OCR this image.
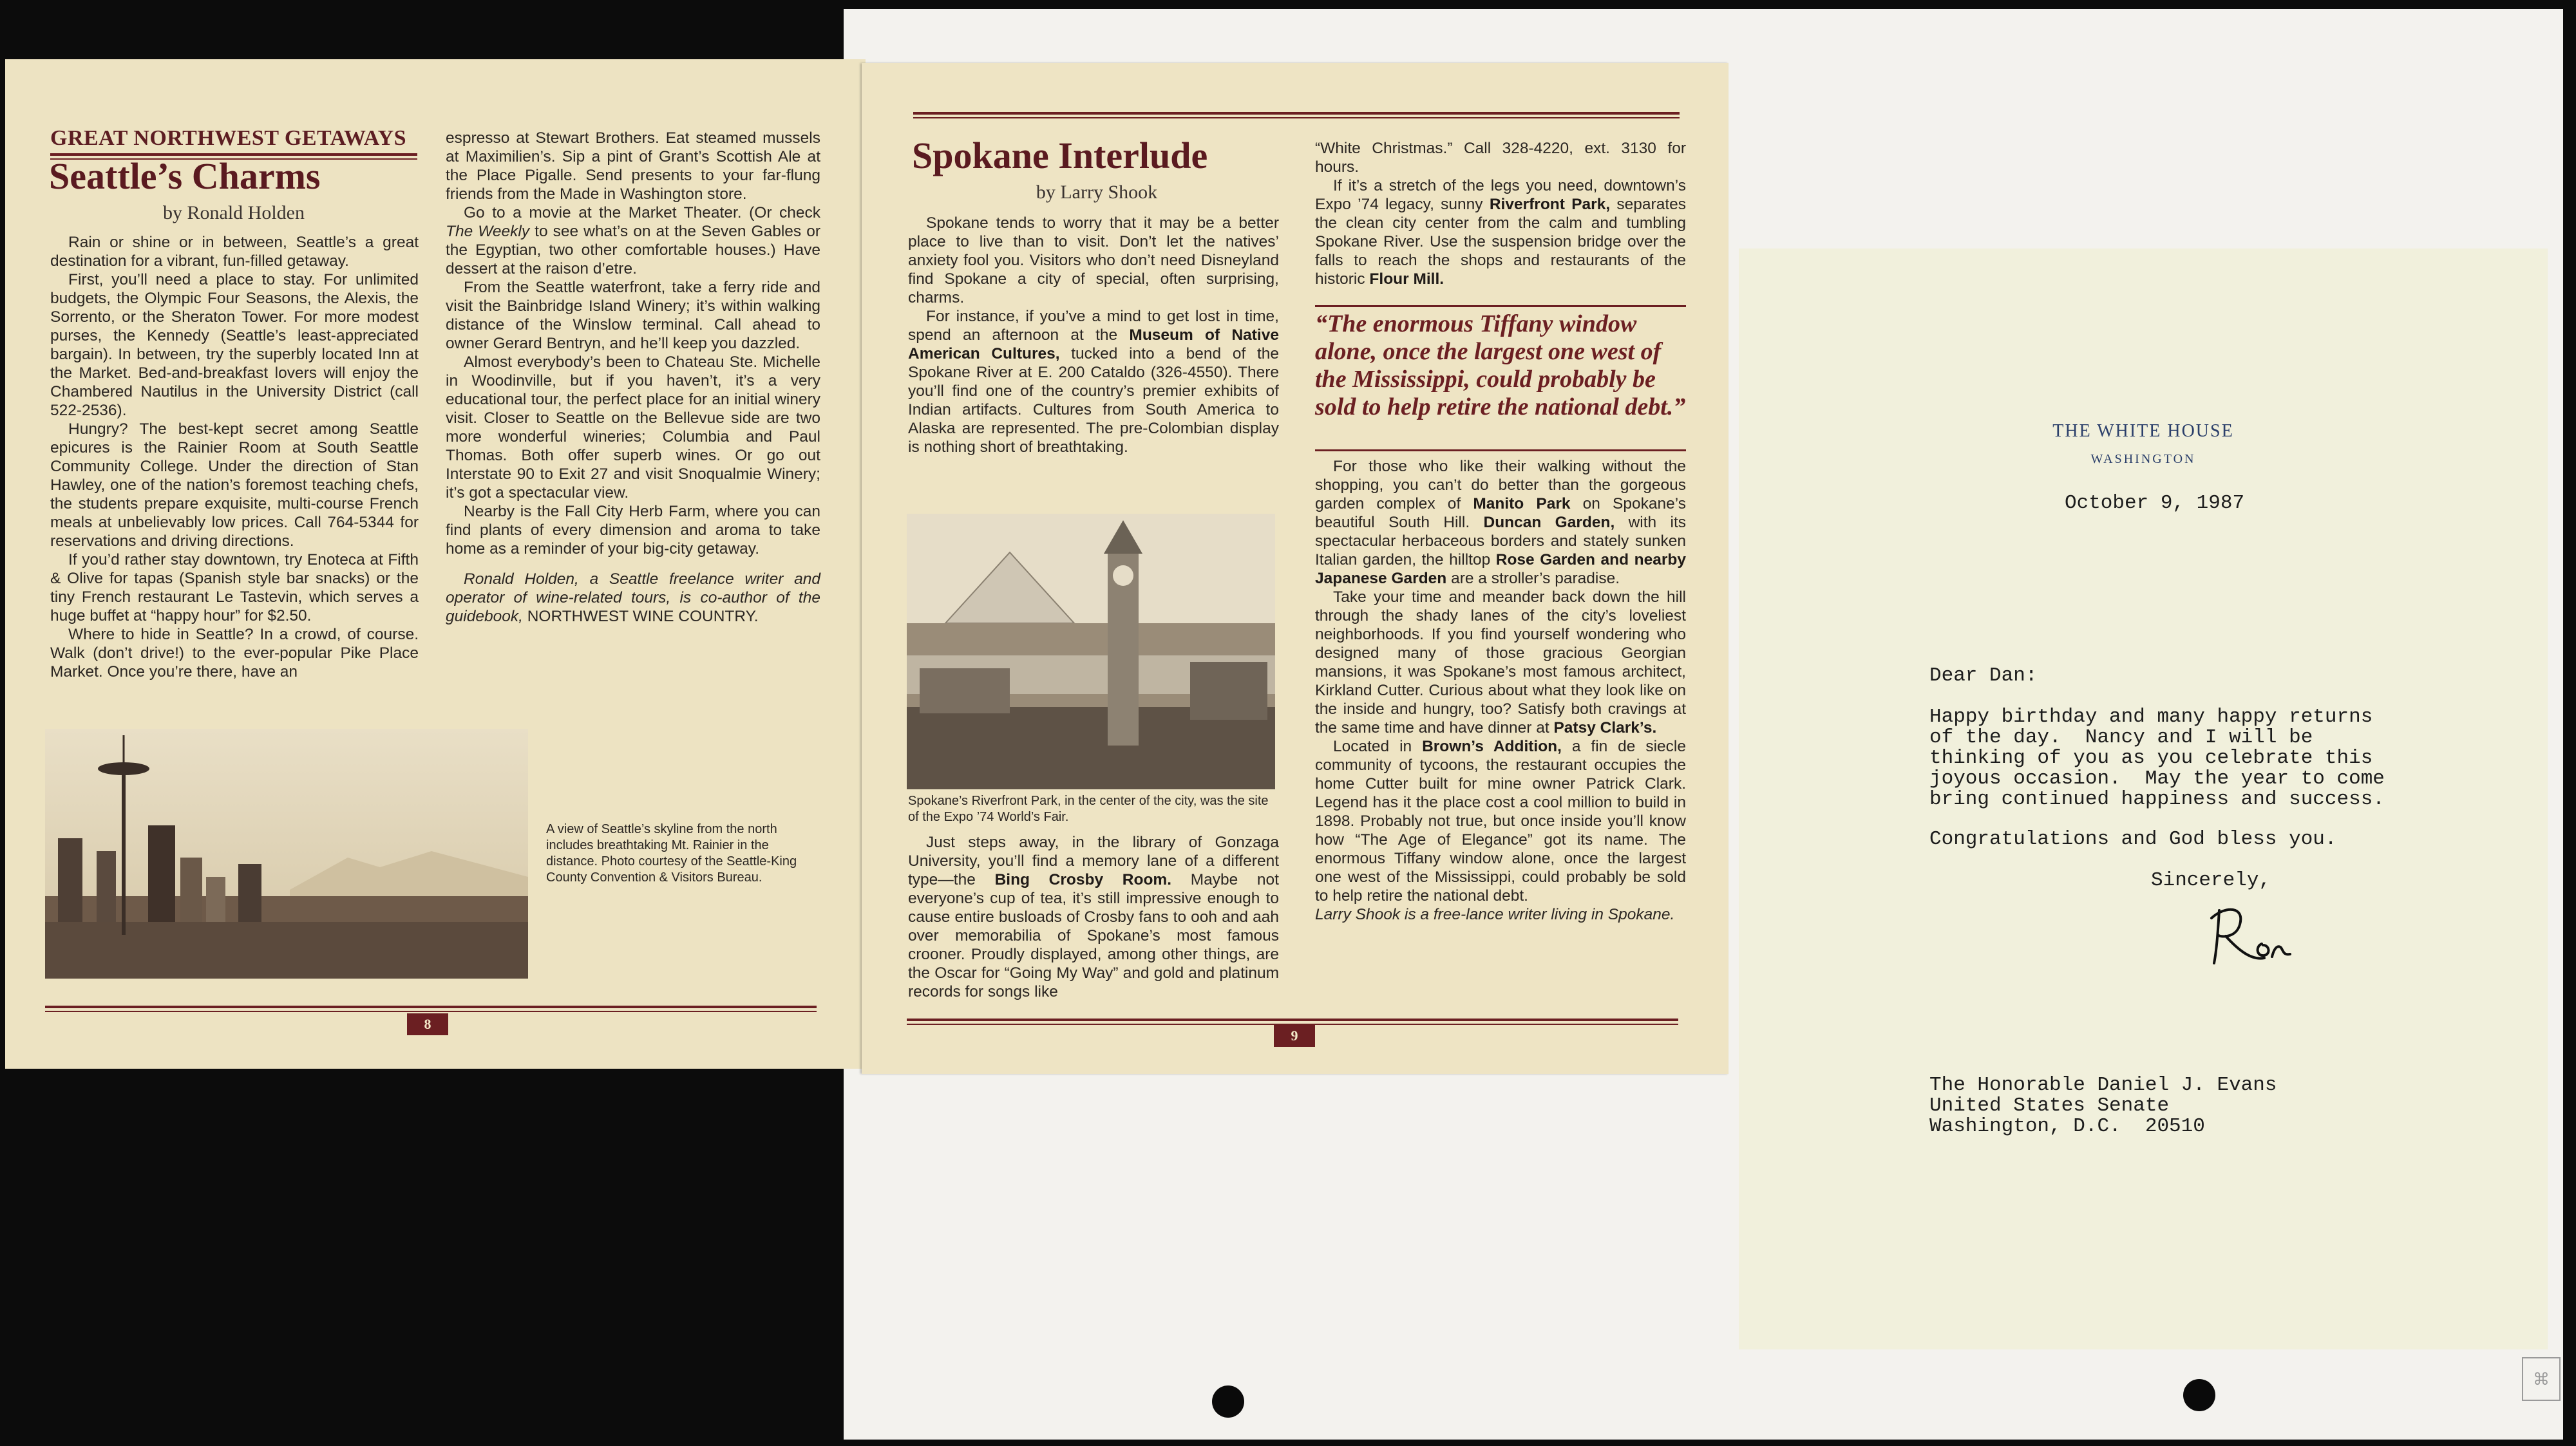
GREAT NORTHWEST GETAWAYS
Seattle’s Charms
by Ronald Holden

Rain or shine or in between, Seattle’s a great destination for a vibrant, fun-filled getaway.

First, you’ll need a place to stay. For unlimited budgets, the Olympic Four Seasons, the Alexis, the Sorrento, or the Sheraton Tower. For more modest purses, the Kennedy (Seattle’s least-appreciated bargain). In between, try the superbly located Inn at the Market. Bed-and-breakfast lovers will enjoy the Chambered Nautilus in the University District (call 522-2536).

Hungry? The best-kept secret among Seattle epicures is the Rainier Room at South Seattle Community College. Under the direction of Stan Hawley, one of the nation’s foremost teaching chefs, the students prepare exquisite, multi-course French meals at unbelievably low prices. Call 764-5344 for reservations and driving directions.

If you’d rather stay downtown, try Enoteca at Fifth & Olive for tapas (Spanish style bar snacks) or the tiny French restaurant Le Tastevin, which serves a huge buffet at “happy hour” for $2.50.

Where to hide in Seattle? In a crowd, of course. Walk (don’t drive!) to the ever-popular Pike Place Market. Once you’re there, have an

espresso at Stewart Brothers. Eat steamed mussels at Maximilien’s. Sip a pint of Grant’s Scottish Ale at the Place Pigalle. Send presents to your far-flung friends from the Made in Washington store.

Go to a movie at the Market Theater. (Or check The Weekly to see what’s on at the Seven Gables or the Egyptian, two other comfortable houses.) Have dessert at the raison d’etre.

From the Seattle waterfront, take a ferry ride and visit the Bainbridge Island Winery; it’s within walking distance of the Winslow terminal. Call ahead to owner Gerard Bentryn, and he’ll keep you dazzled.

Almost everybody’s been to Chateau Ste. Michelle in Woodinville, but if you haven’t, it’s a very educational tour, the perfect place for an initial winery visit. Closer to Seattle on the Bellevue side are two more wonderful wineries; Columbia and Paul Thomas. Both offer superb wines. Or go out Interstate 90 to Exit 27 and visit Snoqualmie Winery; it’s got a spectacular view.

Nearby is the Fall City Herb Farm, where you can find plants of every dimension and aroma to take home as a reminder of your big-city getaway.

Ronald Holden, a Seattle freelance writer and operator of wine-related tours, is co-author of the guidebook, NORTHWEST WINE COUNTRY.

A view of Seattle’s skyline from the north includes breathtaking Mt. Rainier in the distance. Photo courtesy of the Seattle-King County Convention & Visitors Bureau.
8
Spokane Interlude
by Larry Shook

Spokane tends to worry that it may be a better place to live than to visit. Don’t let the natives’ anxiety fool you. Visitors who don’t need Disneyland find Spokane a city of special, often surprising, charms.

For instance, if you’ve a mind to get lost in time, spend an afternoon at the Museum of Native American Cultures, tucked into a bend of the Spokane River at E. 200 Cataldo (326-4550). There you’ll find one of the country’s premier exhibits of Indian artifacts. Cultures from South America to Alaska are represented. The pre-Colombian display is nothing short of breathtaking.

Spokane’s Riverfront Park, in the center of the city, was the site of the Expo ’74 World’s Fair.

Just steps away, in the library of Gonzaga University, you’ll find a memory lane of a different type—the Bing Crosby Room. Maybe not everyone’s cup of tea, it’s still impressive enough to cause entire busloads of Crosby fans to ooh and aah over memorabilia of Spokane’s most famous crooner. Proudly displayed, among other things, are the Oscar for “Going My Way” and gold and platinum records for songs like

“White Christmas.” Call 328-4220, ext. 3130 for hours.

If it’s a stretch of the legs you need, downtown’s Expo ’74 legacy, sunny Riverfront Park, separates the clean city center from the calm and tumbling Spokane River. Use the suspension bridge over the falls to reach the shops and restaurants of the historic Flour Mill.

“The enormous Tiffany window alone, once the largest one west of the Mississippi, could probably be sold to help retire the national debt.”

For those who like their walking without the shopping, you can’t do better than the gorgeous garden complex of Manito Park on Spokane’s beautiful South Hill. Duncan Garden, with its spectacular herbaceous borders and stately sunken Italian garden, the hilltop Rose Garden and nearby Japanese Garden are a stroller’s paradise.

Take your time and meander back down the hill through the shady lanes of the city’s loveliest neighborhoods. If you find yourself wondering who designed many of those gracious Georgian mansions, it was Spokane’s most famous architect, Kirkland Cutter. Curious about what they look like on the inside and hungry, too? Satisfy both cravings at the same time and have dinner at Patsy Clark’s.

Located in Brown’s Addition, a fin de siecle community of tycoons, the restaurant occupies the home Cutter built for mine owner Patrick Clark. Legend has it the place cost a cool million to build in 1898. Probably not true, but once inside you’ll know how “The Age of Elegance” got its name. The enormous Tiffany window alone, once the largest one west of the Mississippi, could probably be sold to help retire the national debt.

Larry Shook is a free-lance writer living in Spokane.

9
THE WHITE HOUSE
WASHINGTON
October 9, 1987
Dear Dan:
Happy birthday and many happy returns
of the day.  Nancy and I will be
thinking of you as you celebrate this
joyous occasion.  May the year to come
bring continued happiness and success.
Congratulations and God bless you.
Sincerely,
The Honorable Daniel J. Evans
United States Senate
Washington, D.C.  20510
⌘
